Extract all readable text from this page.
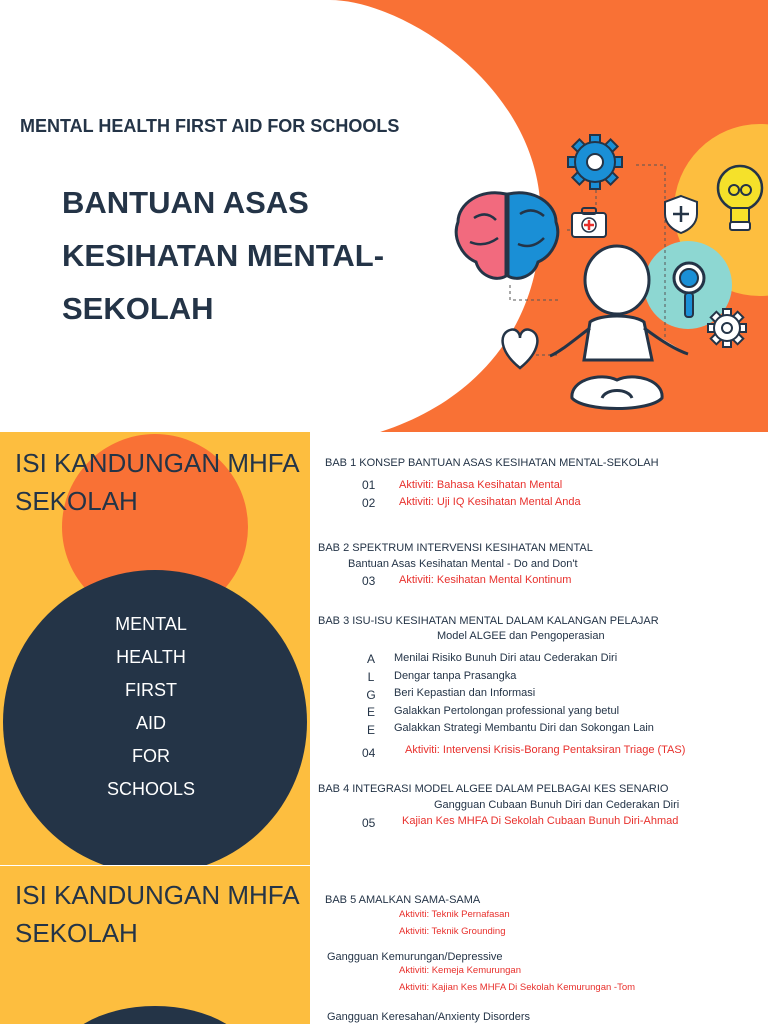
MENTAL HEALTH FIRST AID FOR SCHOOLS
BANTUAN ASAS
KESIHATAN MENTAL-
SEKOLAH
MENTAL
HEALTH
FIRST
AID
FOR
SCHOOLS
ISI KANDUNGAN MHFA
SEKOLAH
BAB 1 KONSEP BANTUAN ASAS KESIHATAN MENTAL-SEKOLAH
01 Aktiviti: Bahasa Kesihatan Mental
02 Aktiviti: Uji IQ Kesihatan Mental Anda
BAB 2 SPEKTRUM INTERVENSI KESIHATAN MENTAL
Bantuan Asas Kesihatan Mental - Do and Don't
03 Aktiviti: Kesihatan Mental Kontinum
BAB 3 ISU-ISU KESIHATAN MENTAL DALAM KALANGAN PELAJAR
Model ALGEE dan Pengoperasian
A Menilai Risiko Bunuh Diri atau Cederakan Diri
L Dengar tanpa Prasangka
G Beri Kepastian dan Informasi
E Galakkan Pertolongan professional yang betul
E Galakkan Strategi Membantu Diri dan Sokongan Lain
04	Aktiviti: Intervensi Krisis-Borang Pentaksiran Triage (TAS)
BAB 4 INTEGRASI MODEL ALGEE DALAM PELBAGAI KES SENARIO
Gangguan Cubaan Bunuh Diri dan Cederakan Diri
05 Kajian Kes MHFA Di Sekolah Cubaan Bunuh Diri-Ahmad
ISI KANDUNGAN MHFA
SEKOLAH
BAB 5 AMALKAN SAMA-SAMA
Aktiviti: Teknik Pernafasan
Aktiviti: Teknik Grounding
Gangguan Kemurungan/Depressive
Aktiviti: Kemeja Kemurungan
Aktiviti: Kajian Kes MHFA Di Sekolah Kemurungan -Tom
Gangguan Keresahan/Anxienty Disorders
